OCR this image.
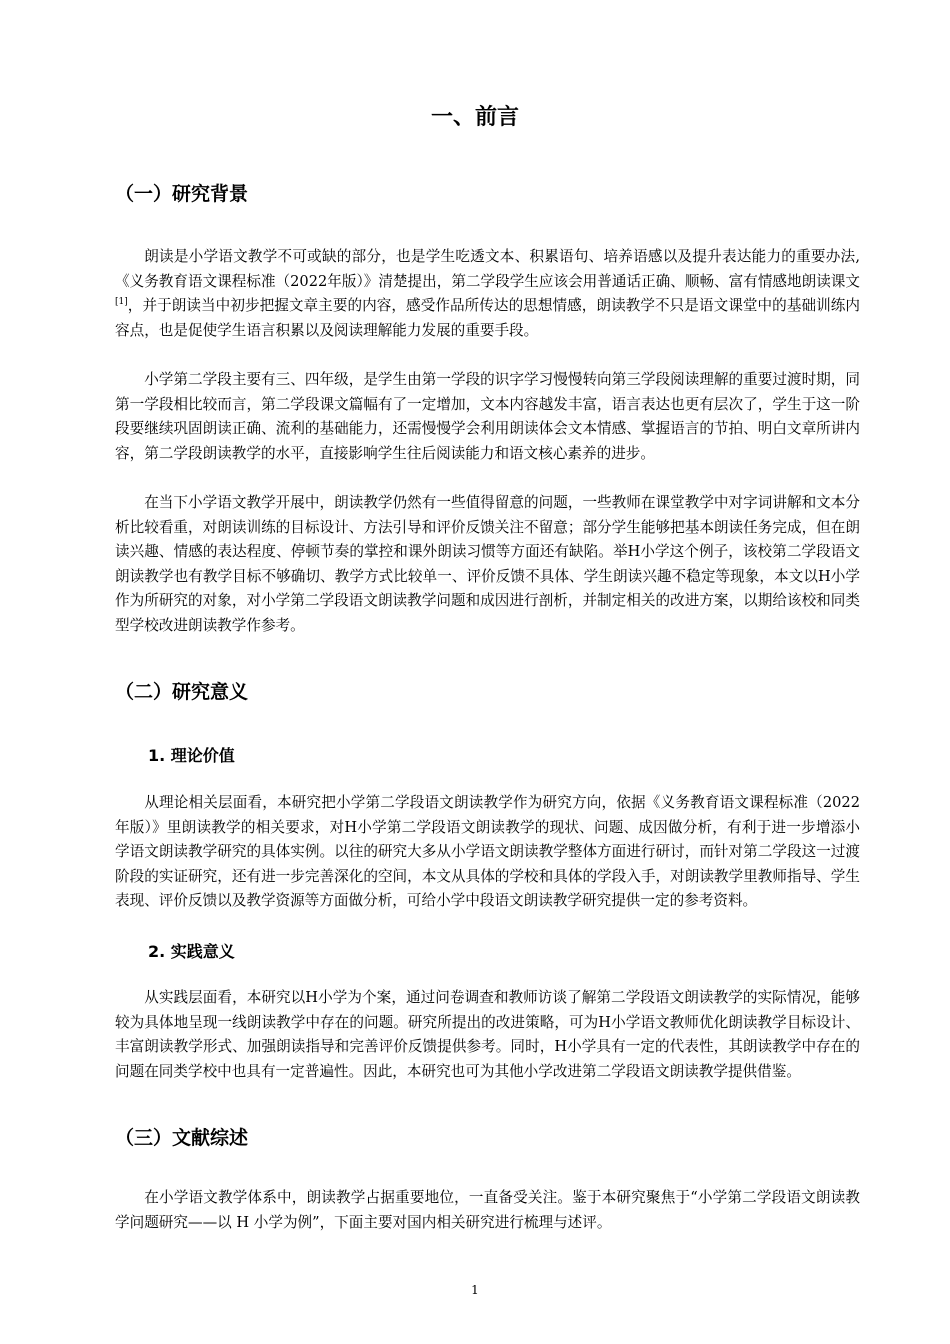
一、前言
（一）研究背景

朗读是小学语文教学不可或缺的部分，也是学生吃透文本、积累语句、培养语感以及提升表达能力的重要办法,《义务教育语文课程标准（2022年版）》清楚提出，第二学段学生应该会用普通话正确、顺畅、富有情感地朗读课文[1]，并于朗读当中初步把握文章主要的内容，感受作品所传达的思想情感，朗读教学不只是语文课堂中的基础训练内容点，也是促使学生语言积累以及阅读理解能力发展的重要手段。

小学第二学段主要有三、四年级，是学生由第一学段的识字学习慢慢转向第三学段阅读理解的重要过渡时期，同第一学段相比较而言，第二学段课文篇幅有了一定增加，文本内容越发丰富，语言表达也更有层次了，学生于这一阶段要继续巩固朗读正确、流利的基础能力，还需慢慢学会利用朗读体会文本情感、掌握语言的节拍、明白文章所讲内容，第二学段朗读教学的水平，直接影响学生往后阅读能力和语文核心素养的进步。

在当下小学语文教学开展中，朗读教学仍然有一些值得留意的问题，一些教师在课堂教学中对字词讲解和文本分析比较看重，对朗读训练的目标设计、方法引导和评价反馈关注不留意；部分学生能够把基本朗读任务完成，但在朗读兴趣、情感的表达程度、停顿节奏的掌控和课外朗读习惯等方面还有缺陷。举H小学这个例子，该校第二学段语文朗读教学也有教学目标不够确切、教学方式比较单一、评价反馈不具体、学生朗读兴趣不稳定等现象，本文以H小学作为所研究的对象，对小学第二学段语文朗读教学问题和成因进行剖析，并制定相关的改进方案，以期给该校和同类型学校改进朗读教学作参考。

（二）研究意义
1. 理论价值

从理论相关层面看，本研究把小学第二学段语文朗读教学作为研究方向，依据《义务教育语文课程标准（2022年版）》里朗读教学的相关要求，对H小学第二学段语文朗读教学的现状、问题、成因做分析，有利于进一步增添小学语文朗读教学研究的具体实例。以往的研究大多从小学语文朗读教学整体方面进行研讨，而针对第二学段这一过渡阶段的实证研究，还有进一步完善深化的空间，本文从具体的学校和具体的学段入手，对朗读教学里教师指导、学生表现、评价反馈以及教学资源等方面做分析，可给小学中段语文朗读教学研究提供一定的参考资料。

2. 实践意义

从实践层面看，本研究以H小学为个案，通过问卷调查和教师访谈了解第二学段语文朗读教学的实际情况，能够较为具体地呈现一线朗读教学中存在的问题。研究所提出的改进策略，可为H小学语文教师优化朗读教学目标设计、丰富朗读教学形式、加强朗读指导和完善评价反馈提供参考。同时，H小学具有一定的代表性，其朗读教学中存在的问题在同类学校中也具有一定普遍性。因此，本研究也可为其他小学改进第二学段语文朗读教学提供借鉴。

（三）文献综述

在小学语文教学体系中，朗读教学占据重要地位，一直备受关注。鉴于本研究聚焦于“小学第二学段语文朗读教学问题研究——以 H 小学为例”，下面主要对国内相关研究进行梳理与述评。

1
